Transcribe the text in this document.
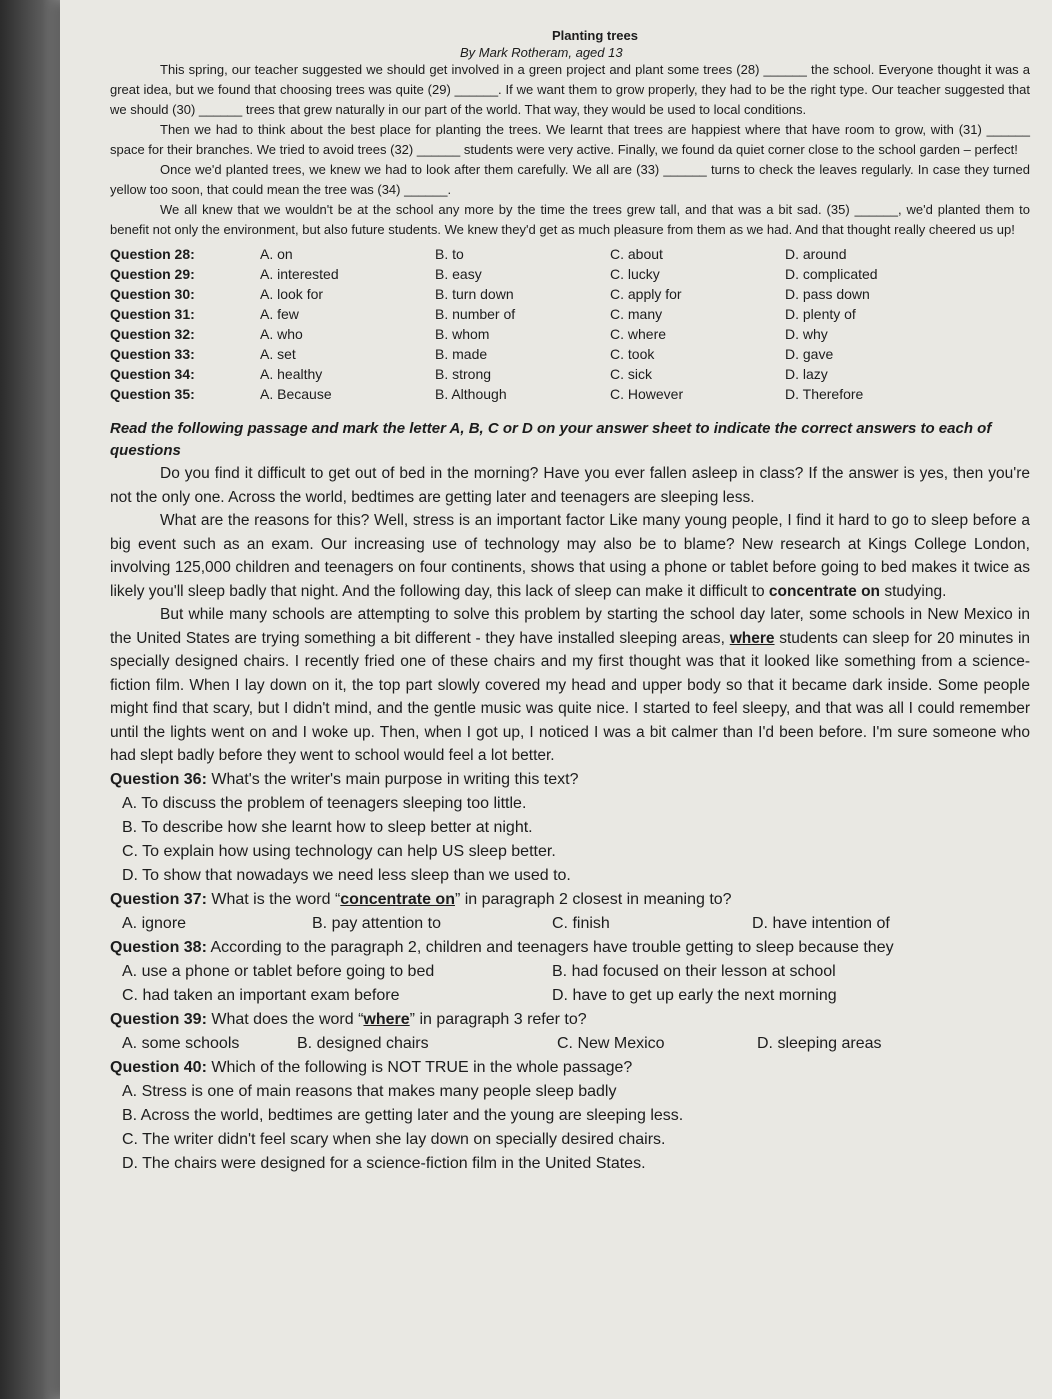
Planting trees
By Mark Rotheram, aged 13

This spring, our teacher suggested we should get involved in a green project and plant some trees (28) ______ the school. Everyone thought it was a great idea, but we found that choosing trees was quite (29) ______. If we want them to grow properly, they had to be the right type. Our teacher suggested that we should (30) ______ trees that grew naturally in our part of the world. That way, they would be used to local conditions.

Then we had to think about the best place for planting the trees. We learnt that trees are happiest where that have room to grow, with (31) ______ space for their branches. We tried to avoid trees (32) ______ students were very active. Finally, we found da quiet corner close to the school garden – perfect!

Once we'd planted trees, we knew we had to look after them carefully. We all are (33) ______ turns to check the leaves regularly. In case they turned yellow too soon, that could mean the tree was (34) ______.

We all knew that we wouldn't be at the school any more by the time the trees grew tall, and that was a bit sad. (35) ______, we'd planted them to benefit not only the environment, but also future students. We knew they'd get as much pleasure from them as we had. And that thought really cheered us up!

Question 28:	A. on	B. to	C. about	D. around
Question 29:	A. interested	B. easy	C. lucky	D. complicated
Question 30:	A. look for	B. turn down	C. apply for	D. pass down
Question 31:	A. few	B. number of	C. many	D. plenty of
Question 32:	A. who	B. whom	C. where	D. why
Question 33:	A. set	B. made	C. took	D. gave
Question 34:	A. healthy	B. strong	C. sick	D. lazy
Question 35:	A. Because	B. Although	C. However	D. Therefore
Read the following passage and mark the letter A, B, C or D on your answer sheet to indicate the correct answers to each of questions

Do you find it difficult to get out of bed in the morning? Have you ever fallen asleep in class? If the answer is yes, then you're not the only one. Across the world, bedtimes are getting later and teenagers are sleeping less.

What are the reasons for this? Well, stress is an important factor Like many young people, I find it hard to go to sleep before a big event such as an exam. Our increasing use of technology may also be to blame? New research at Kings College London, involving 125,000 children and teenagers on four continents, shows that using a phone or tablet before going to bed makes it twice as likely you'll sleep badly that night. And the following day, this lack of sleep can make it difficult to concentrate on studying.

But while many schools are attempting to solve this problem by starting the school day later, some schools in New Mexico in the United States are trying something a bit different - they have installed sleeping areas, where students can sleep for 20 minutes in specially designed chairs. I recently fried one of these chairs and my first thought was that it looked like something from a science-fiction film. When I lay down on it, the top part slowly covered my head and upper body so that it became dark inside. Some people might find that scary, but I didn't mind, and the gentle music was quite nice. I started to feel sleepy, and that was all I could remember until the lights went on and I woke up. Then, when I got up, I noticed I was a bit calmer than I'd been before. I'm sure someone who had slept badly before they went to school would feel a lot better.

Question 36: What's the writer's main purpose in writing this text?
A. To discuss the problem of teenagers sleeping too little.
B. To describe how she learnt how to sleep better at night.
C. To explain how using technology can help US sleep better.
D. To show that nowadays we need less sleep than we used to.
Question 37: What is the word “concentrate on” in paragraph 2 closest in meaning to?
A. ignore	B. pay attention to	C. finish	D. have intention of
Question 38: According to the paragraph 2, children and teenagers have trouble getting to sleep because they
A. use a phone or tablet before going to bed	B. had focused on their lesson at school
C. had taken an important exam before	D. have to get up early the next morning
Question 39: What does the word “where” in paragraph 3 refer to?
A. some schools	B. designed chairs	C. New Mexico	D. sleeping areas
Question 40: Which of the following is NOT TRUE in the whole passage?
A. Stress is one of main reasons that makes many people sleep badly
B. Across the world, bedtimes are getting later and the young are sleeping less.
C. The writer didn't feel scary when she lay down on specially desired chairs.
D. The chairs were designed for a science-fiction film in the United States.
